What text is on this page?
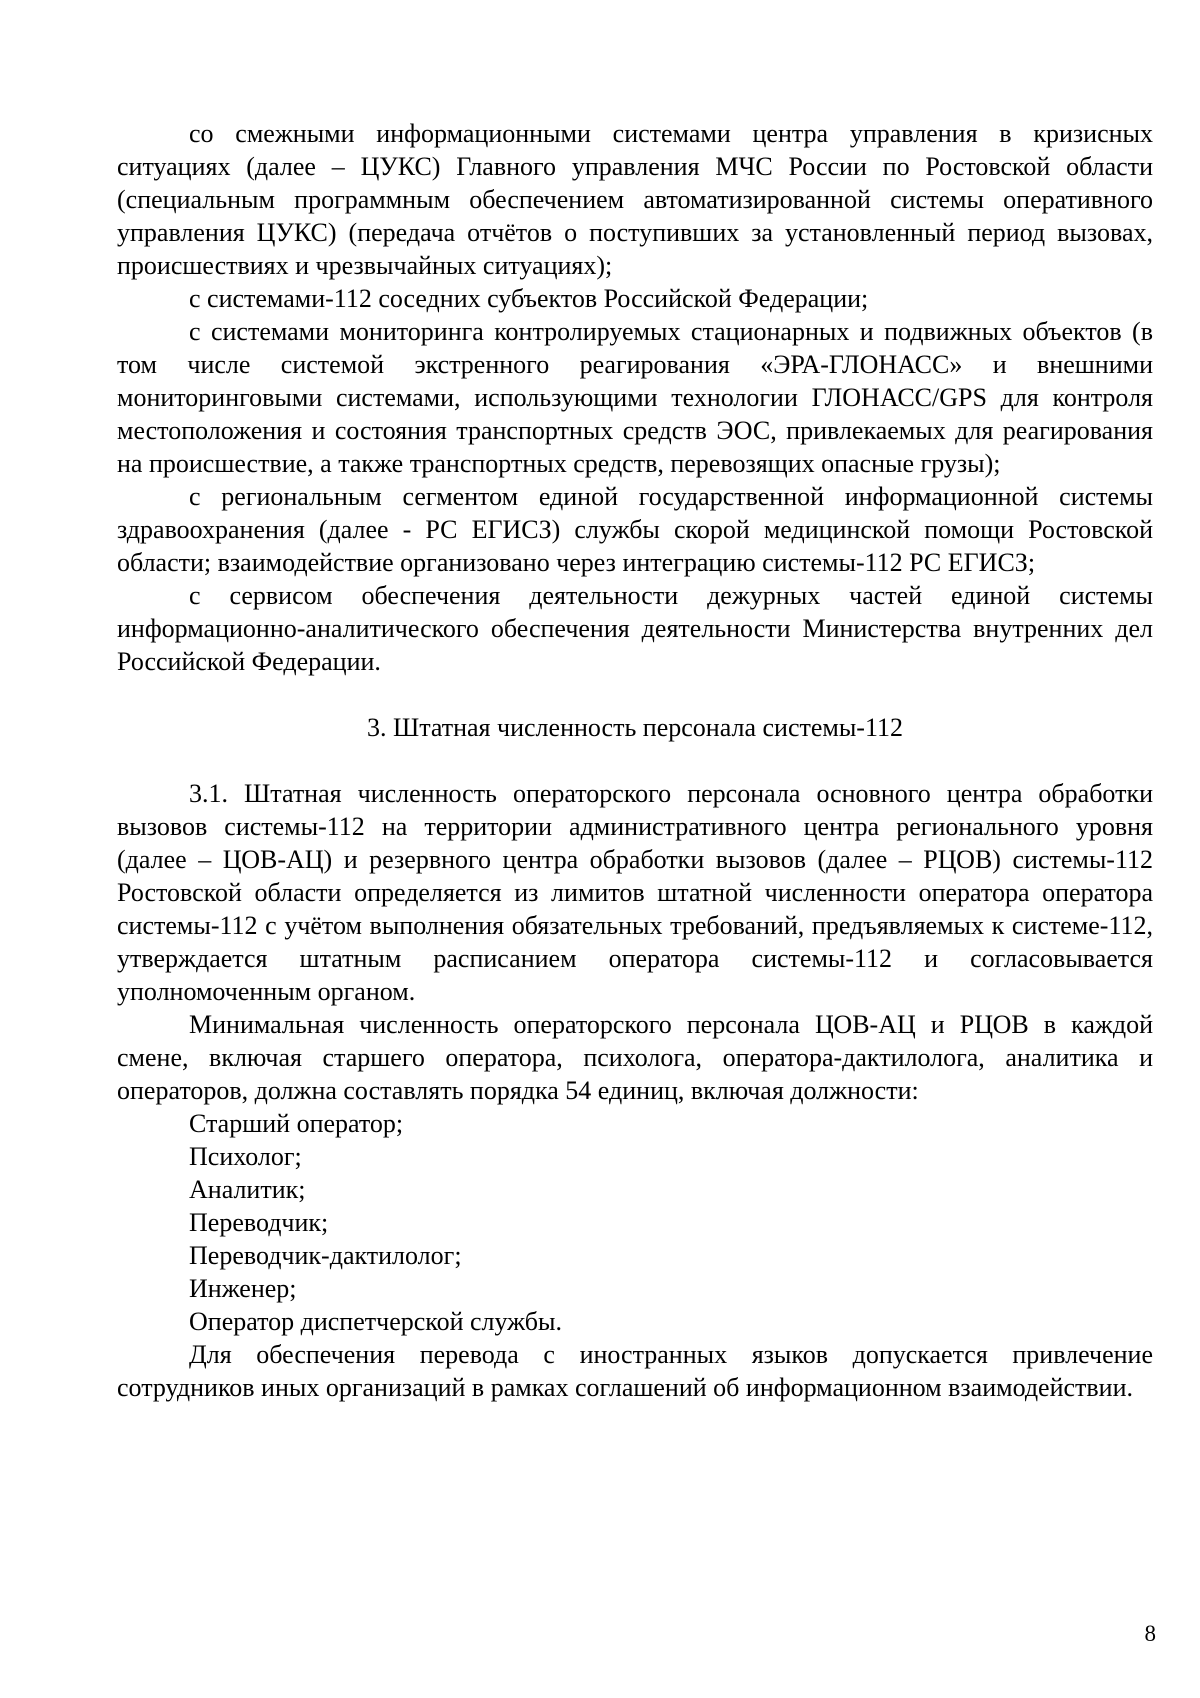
со смежными информационными системами центра управления в кризисных ситуациях (далее – ЦУКС) Главного управления МЧС России по Ростовской области (специальным программным обеспечением автоматизированной системы оперативного управления ЦУКС) (передача отчётов о поступивших за установленный период вызовах, происшествиях и чрезвычайных ситуациях);

с системами-112 соседних субъектов Российской Федерации;

с системами мониторинга контролируемых стационарных и подвижных объектов (в том числе системой экстренного реагирования «ЭРА-ГЛОНАСС» и внешними мониторинговыми системами, использующими технологии ГЛОНАСС/GPS для контроля местоположения и состояния транспортных средств ЭОС, привлекаемых для реагирования на происшествие, а также транспортных средств, перевозящих опасные грузы);

с региональным сегментом единой государственной информационной системы здравоохранения (далее - РС ЕГИСЗ) службы скорой медицинской помощи Ростовской области; взаимодействие организовано через интеграцию системы-112 РС ЕГИСЗ;

с сервисом обеспечения деятельности дежурных частей единой системы информационно-аналитического обеспечения деятельности Министерства внутренних дел Российской Федерации.

3. Штатная численность персонала системы-112

3.1. Штатная численность операторского персонала основного центра обработки вызовов системы-112 на территории административного центра регионального уровня (далее – ЦОВ-АЦ) и резервного центра обработки вызовов (далее – РЦОВ) системы-112 Ростовской области определяется из лимитов штатной численности оператора оператора системы-112 с учётом выполнения обязательных требований, предъявляемых к системе-112, утверждается штатным расписанием оператора системы-112 и согласовывается уполномоченным органом.

Минимальная численность операторского персонала ЦОВ-АЦ и РЦОВ в каждой смене, включая старшего оператора, психолога, оператора-дактилолога, аналитика и операторов, должна составлять порядка 54 единиц, включая должности:

Старший оператор;

Психолог;

Аналитик;

Переводчик;

Переводчик-дактилолог;

Инженер;

Оператор диспетчерской службы.

Для обеспечения перевода с иностранных языков допускается привлечение сотрудников иных организаций в рамках соглашений об информационном взаимодействии.

8
